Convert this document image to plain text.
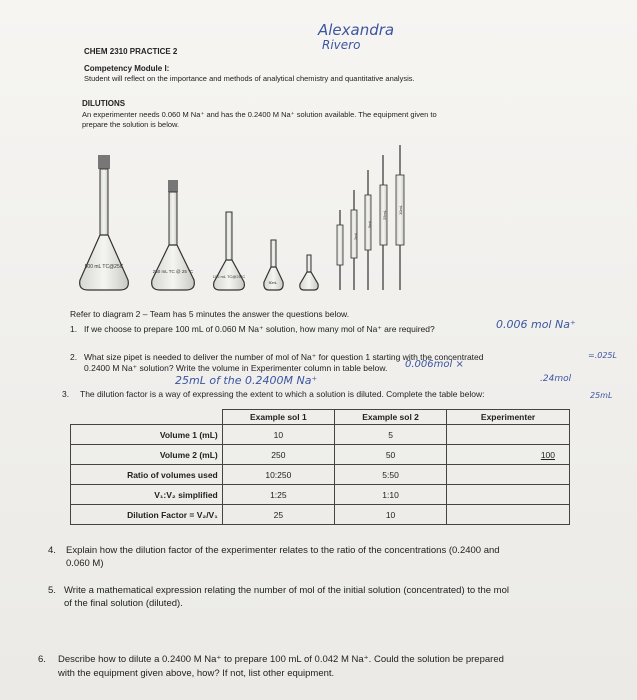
Alexandra
Rivero
CHEM 2310 PRACTICE 2
Competency Module I:
Student will reflect on the importance and methods of analytical chemistry and quantitative analysis.
DILUTIONS
An experimenter needs 0.060 M Na⁺ and has the 0.2400 M Na⁺ solution available. The equipment given to
prepare the solution is below.
500 mL TC@25C
250 mL TC @ 25 °C
100 mL TC@25°C
50mL
25mL	10mL
5mL
2mL
Refer to diagram 2 – Team has 5 minutes the answer the questions below.
1. If we choose to prepare 100 mL of 0.060 M Na⁺ solution, how many mol of Na⁺ are required?	0.006 mol Na⁺
2. What size pipet is needed to deliver the number of mol of Na⁺ for question 1 starting with the concentrated
0.2400 M Na⁺ solution? Write the volume in Experimenter column in table below. 0.006mol ×
=.025L
25mL of the 0.2400M Na⁺	.24mol
25mL
3. The dilution factor is a way of expressing the extent to which a solution is diluted. Complete the table below:
	Example sol 1	Example sol 2	Experimenter
Volume 1 (mL)	10	5	
Volume 2 (mL)	250	50	100
Ratio of volumes used	10:250	5:50	
V₁:V₂ simplified	1:25	1:10	
Dilution Factor = V₂/V₁	25	10	
4. Explain how the dilution factor of the experimenter relates to the ratio of the concentrations (0.2400 and
0.060 M)
5. Write a mathematical expression relating the number of mol of the initial solution (concentrated) to the mol
of the final solution (diluted).
6. Describe how to dilute a 0.2400 M Na⁺ to prepare 100 mL of 0.042 M Na⁺. Could the solution be prepared
with the equipment given above, how? If not, list other equipment.
